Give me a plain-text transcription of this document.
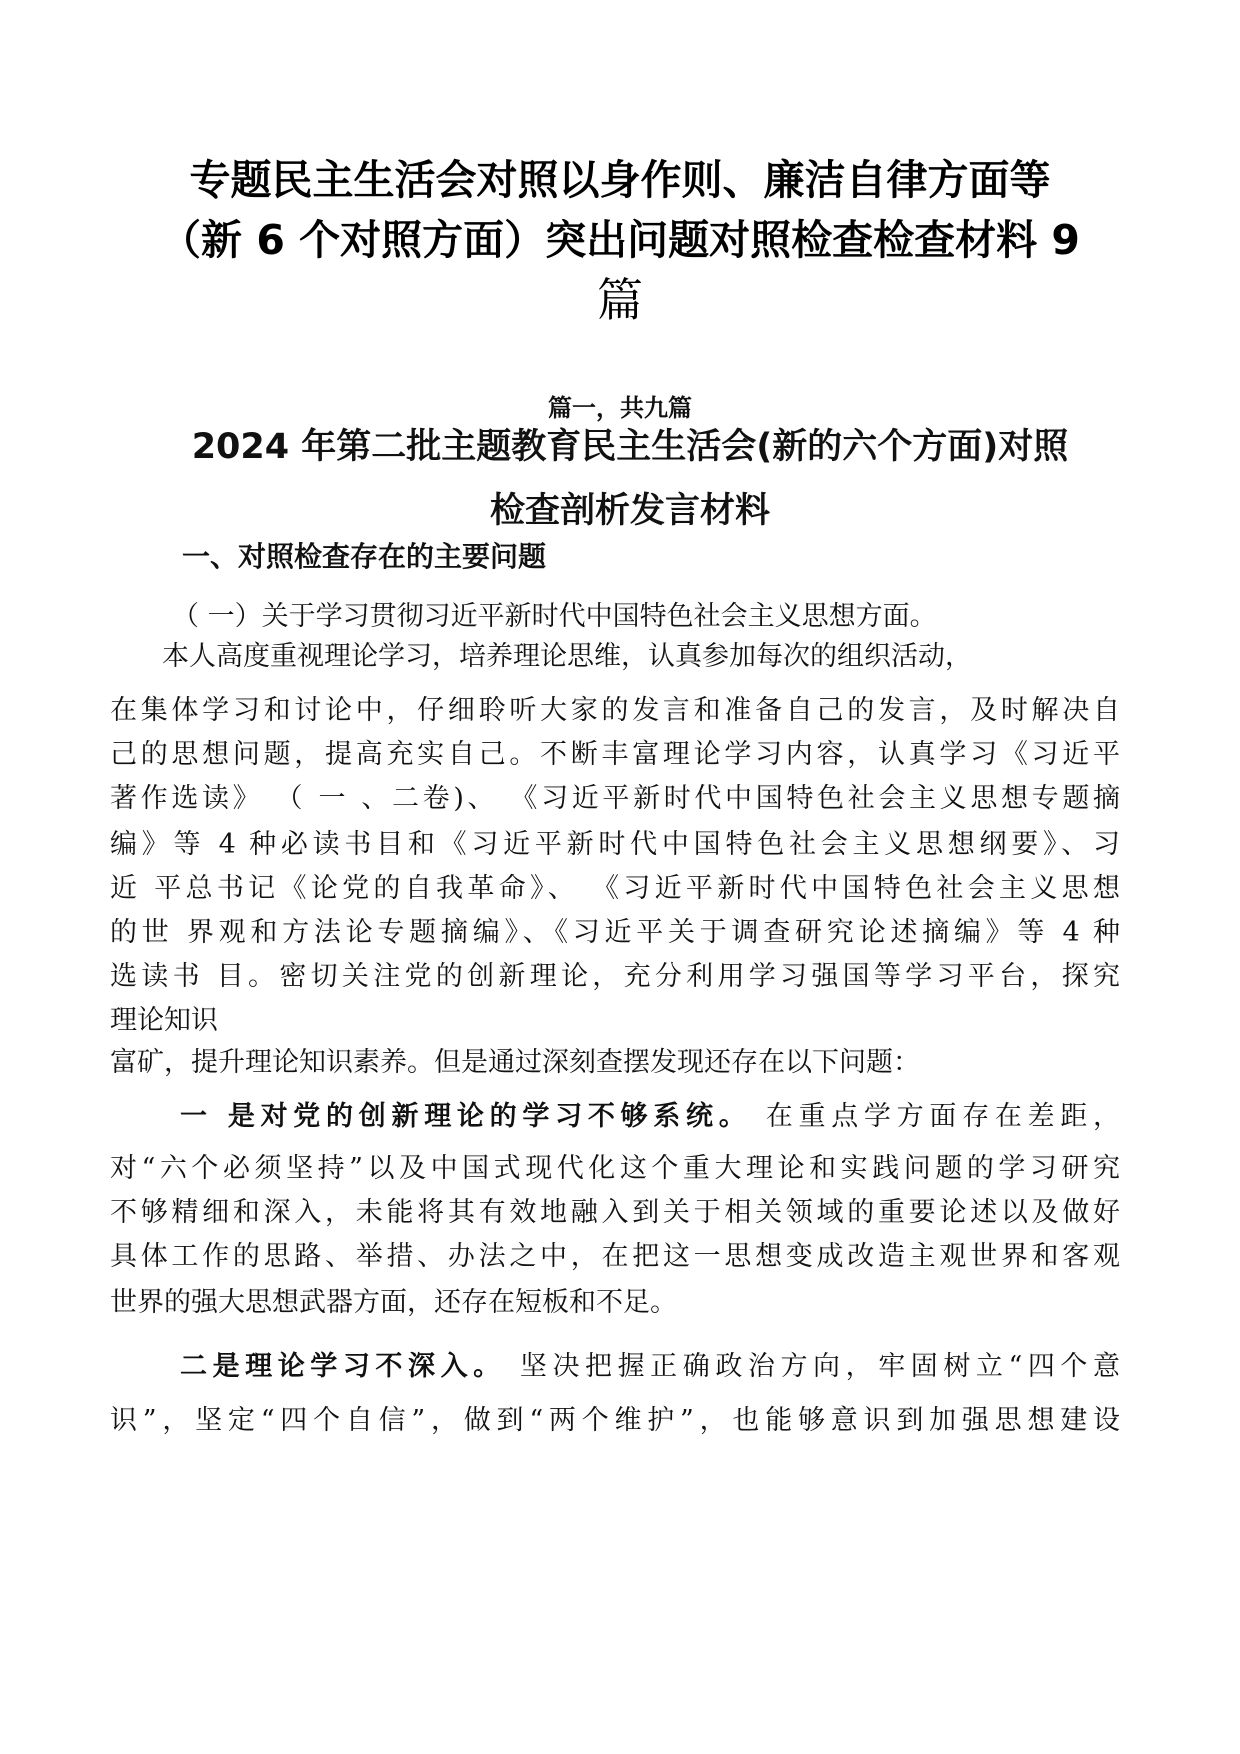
专题民主生活会对照以身作则、廉洁自律方面等
（新 6 个对照方面）突出问题对照检查检查材料 9
篇

篇一，共九篇

2024 年第二批主题教育民主生活会(新的六个方面)对照
检查剖析发言材料
一、对照检查存在的主要问题

（ 一）关于学习贯彻习近平新时代中国特色社会主义思想方面。

本人高度重视理论学习，培养理论思维，认真参加每次的组织活动，

在集体学习和讨论中，仔细聆听大家的发言和准备自己的发言，及时解决自

己的思想问题，提高充实自己。不断丰富理论学习内容，认真学习《习近平

著作选读》 （ 一 、二卷)、 《习近平新时代中国特色社会主义思想专题摘

编》等 4 种必读书目和《习近平新时代中国特色社会主义思想纲要》、习

近 平总书记《论党的自我革命》、 《习近平新时代中国特色社会主义思想

的世 界观和方法论专题摘编》、《习近平关于调查研究论述摘编》等 4 种

选读书 目。密切关注党的创新理论，充分利用学习强国等学习平台，探究

理论知识

富矿，提升理论知识素养。但是通过深刻查摆发现还存在以下问题：

一 是对党的创新理论的学习不够系统。 在重点学方面存在差距，

对“六个必须坚持”以及中国式现代化这个重大理论和实践问题的学习研究

不够精细和深入，未能将其有效地融入到关于相关领域的重要论述以及做好

具体工作的思路、举措、办法之中，在把这一思想变成改造主观世界和客观

世界的强大思想武器方面，还存在短板和不足。

二是理论学习不深入。 坚决把握正确政治方向，牢固树立“四个意

识”，坚定“四个自信”，做到“两个维护”，也能够意识到加强思想建设
